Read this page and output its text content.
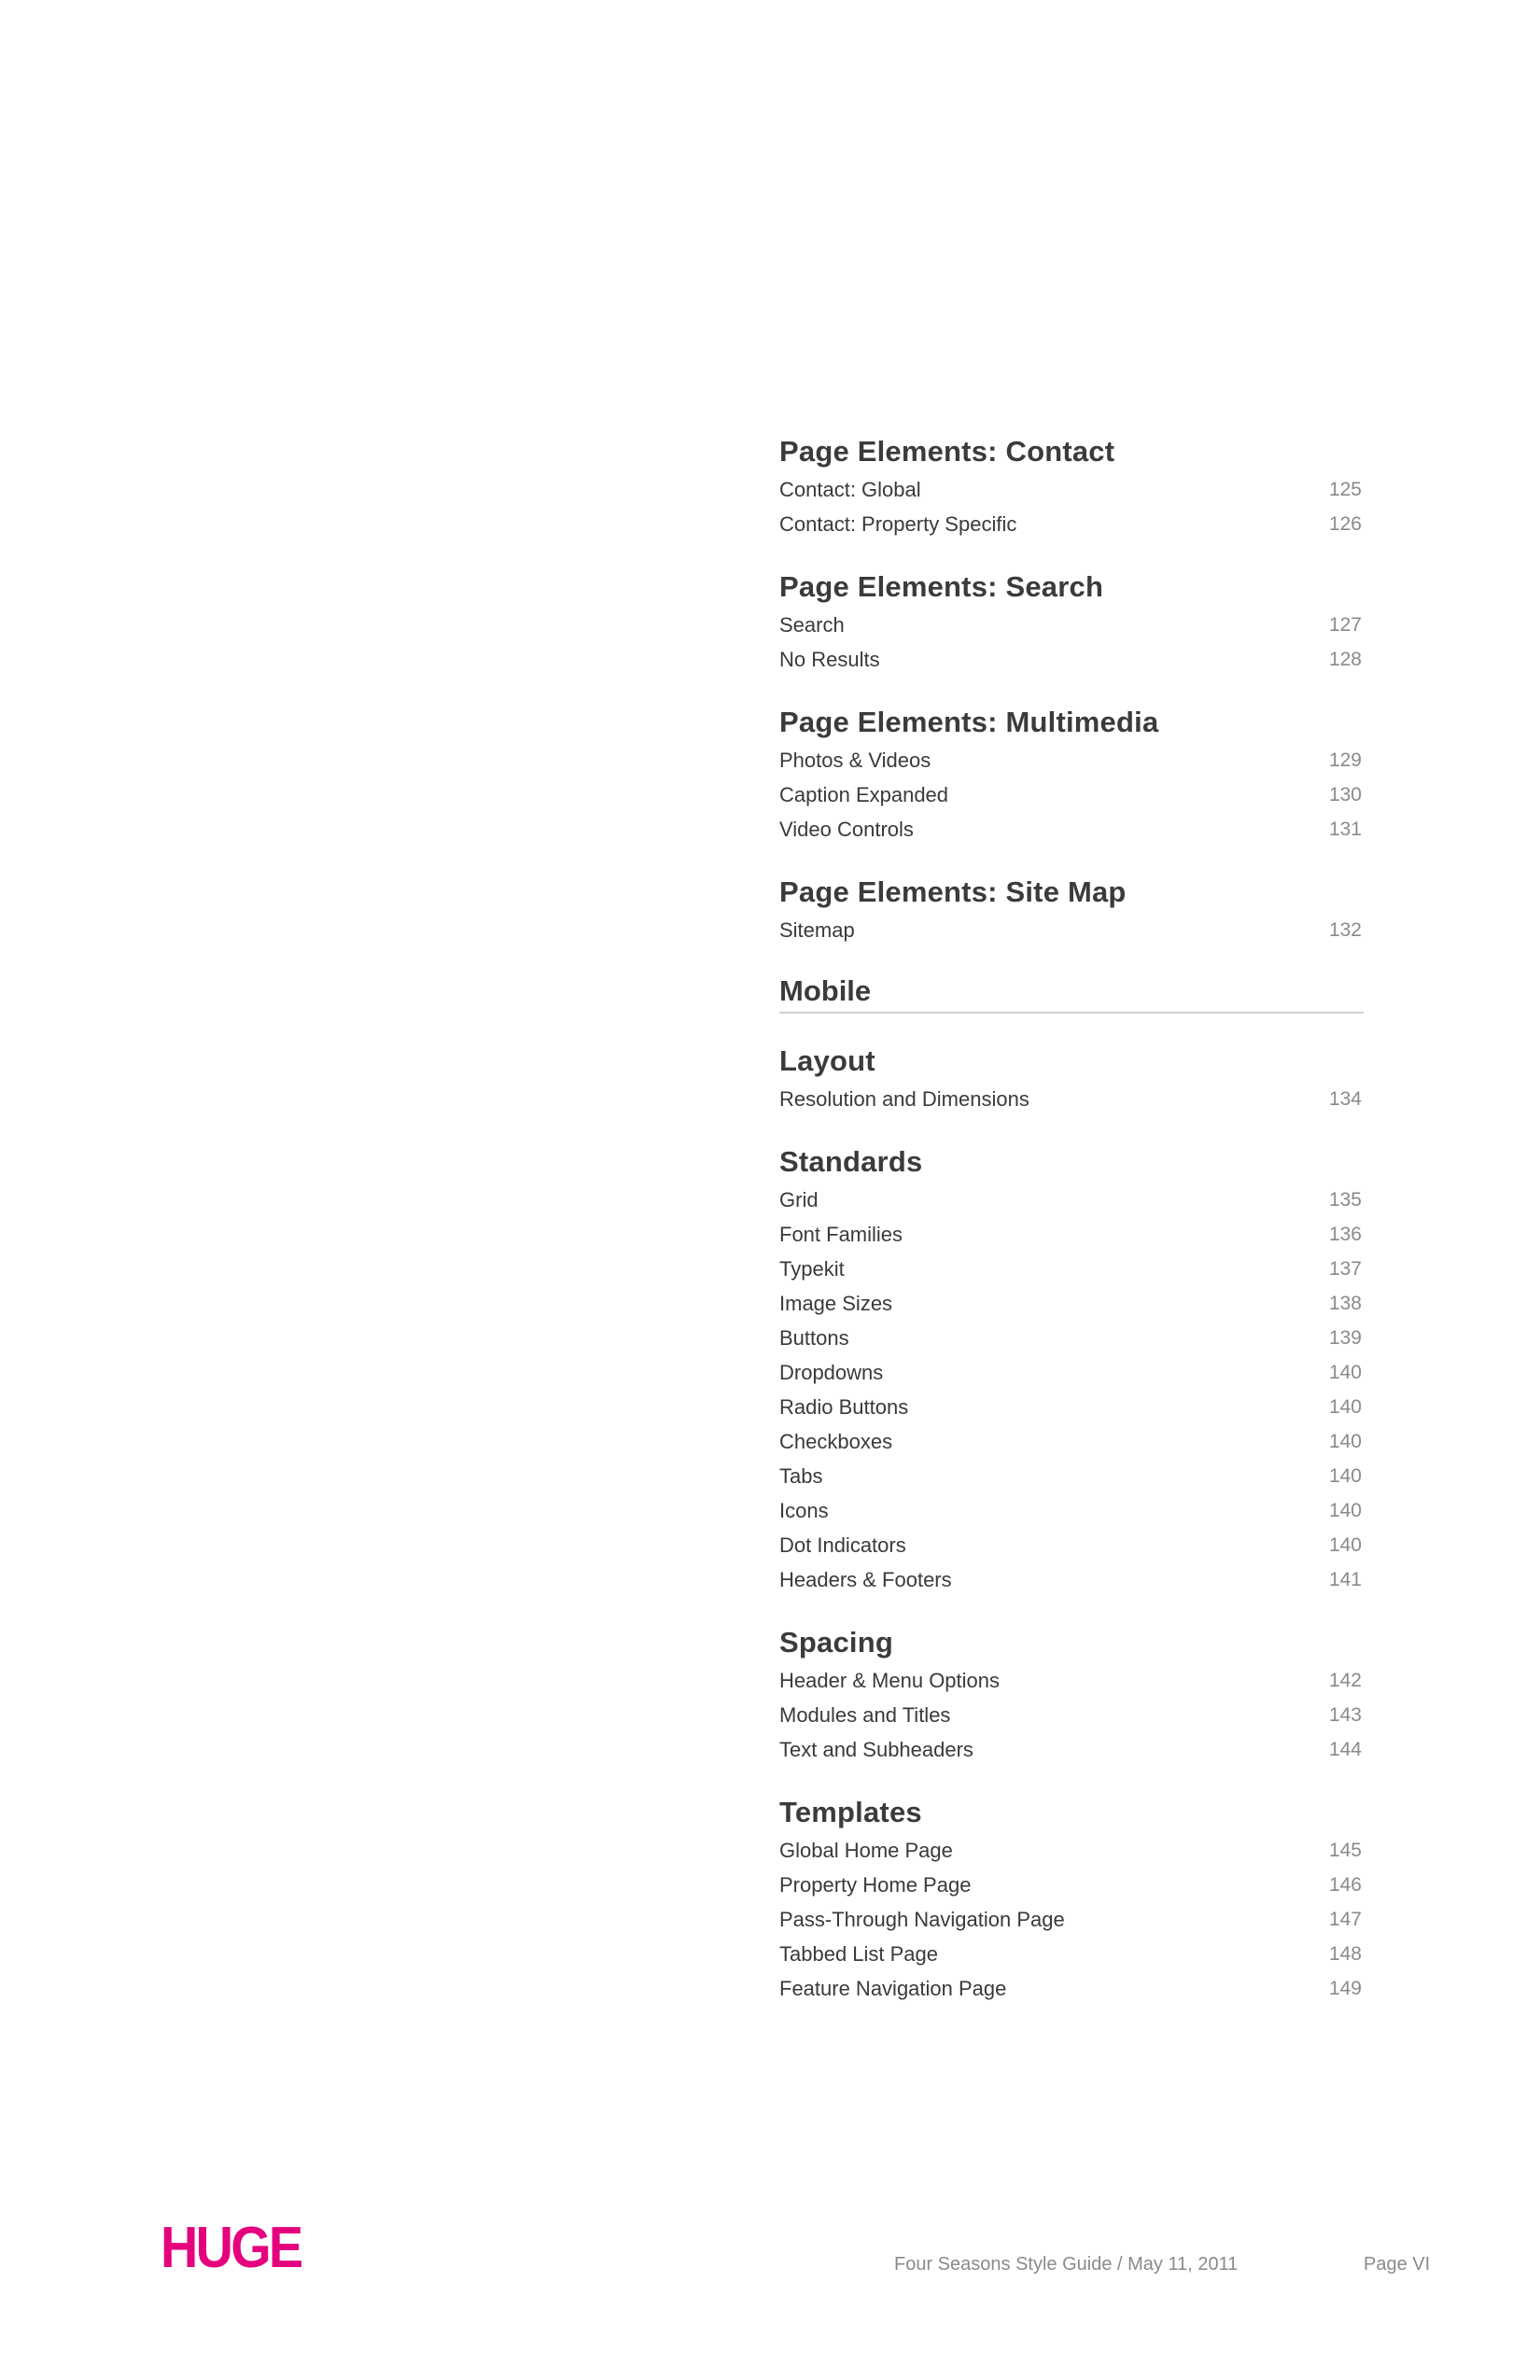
Page Elements: Contact
Contact: Global	125
Contact: Property Specific	126
Page Elements: Search
Search	127
No Results	128
Page Elements: Multimedia
Photos & Videos	129
Caption Expanded	130
Video Controls	131
Page Elements: Site Map
Sitemap	132
Mobile
Layout
Resolution and Dimensions	134
Standards
Grid	135
Font Families	136
Typekit	137
Image Sizes	138
Buttons	139
Dropdowns	140
Radio Buttons	140
Checkboxes	140
Tabs	140
Icons	140
Dot Indicators	140
Headers & Footers	141
Spacing
Header & Menu Options	142
Modules and Titles	143
Text and Subheaders	144
Templates
Global Home Page	145
Property Home Page	146
Pass-Through Navigation Page	147
Tabbed List Page	148
Feature Navigation Page	149
HUGE	Four Seasons Style Guide / May 11, 2011	Page VI
